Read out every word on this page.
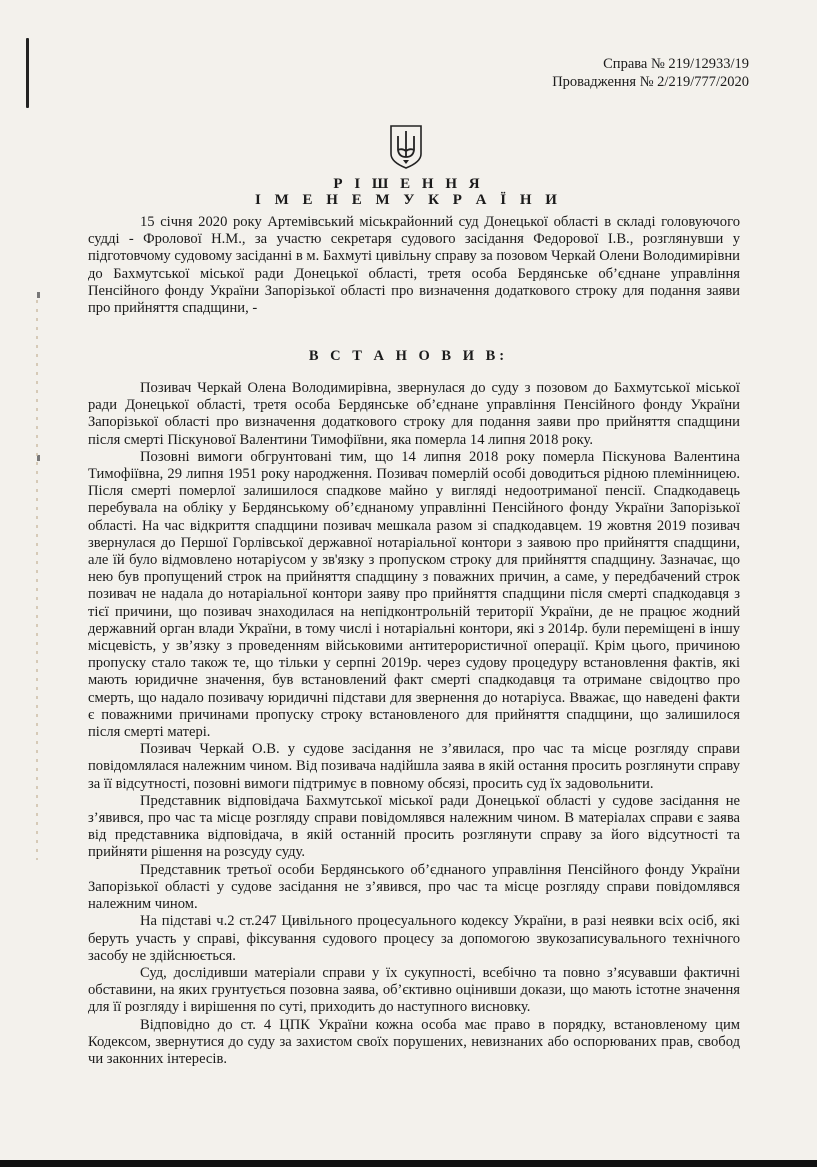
Справа № 219/12933/19
Провадження № 2/219/777/2020
Р І Ш Е Н Н Я
І М Е Н Е М У К Р А Ї Н И

15 січня 2020 року Артемівський міськрайонний суд Донецької області в складі головуючого судді - Фролової Н.М., за участю секретаря судового засідання Федорової І.В., розглянувши у підготовчому судовому засіданні в м. Бахмуті цивільну справу за позовом Черкай Олени Володимирівни до Бахмутської міської ради Донецької області, третя особа Бердянське об’єднане управління Пенсійного фонду України Запорізької області про визначення додаткового строку для подання заяви про прийняття спадщини, -

В С Т А Н О В И В:

Позивач Черкай Олена Володимирівна, звернулася до суду з позовом до Бахмутської міської ради Донецької області, третя особа Бердянське об’єднане управління Пенсійного фонду України Запорізької області про визначення додаткового строку для подання заяви про прийняття спадщини після смерті Піскунової Валентини Тимофіївни, яка померла 14 липня 2018 року.

Позовні вимоги обгрунтовані тим, що 14 липня 2018 року померла Піскунова Валентина Тимофіївна, 29 липня 1951 року народження. Позивач померлій особі доводиться рідною племінницею. Після смерті померлої залишилося спадкове майно у вигляді недоотриманої пенсії. Спадкодавець перебувала на обліку у Бердянському об’єднаному управлінні Пенсійного фонду України Запорізької області. На час відкриття спадщини позивач мешкала разом зі спадкодавцем. 19 жовтня 2019 позивач звернулася до Першої Горлівської державної нотаріальної контори з заявою про прийняття спадщини, але їй було відмовлено нотаріусом у зв'язку з пропуском строку для прийняття спадщину. Зазначає, що нею був пропущений строк на прийняття спадщину з поважних причин, а саме, у передбачений строк позивач не надала до нотаріальної контори заяву про прийняття спадщини після смерті спадкодавця з тієї причини, що позивач знаходилася на непідконтрольній території України, де не працює жодний державний орган влади України, в тому числі і нотаріальні контори, які з 2014р. були переміщені в іншу місцевість, у зв’язку з проведенням військовими антитерористичної операції. Крім цього, причиною пропуску стало також те, що тільки у серпні 2019р. через судову процедуру встановлення фактів, які мають юридичне значення, був встановлений факт смерті спадкодавця та отримане свідоцтво про смерть, що надало позивачу юридичні підстави для звернення до нотаріуса. Вважає, що наведені факти є поважними причинами пропуску строку встановленого для прийняття спадщини, що залишилося після смерті матері.

Позивач Черкай О.В. у судове засідання не з’явилася, про час та місце розгляду справи повідомлялася належним чином. Від позивача надійшла заява в якій остання просить розглянути справу за її відсутності, позовні вимоги підтримує в повному обсязі, просить суд їх задовольнити.

Представник відповідача Бахмутської міської ради Донецької області у судове засідання не з’явився, про час та місце розгляду справи повідомлявся належним чином. В матеріалах справи є заява від представника відповідача, в якій останній просить розглянути справу за його відсутності та прийняти рішення на розсуду суду.

Представник третьої особи Бердянського об’єднаного управління Пенсійного фонду України Запорізької області у судове засідання не з’явився, про час та місце розгляду справи повідомлявся належним чином.

На підставі ч.2 ст.247 Цивільного процесуального кодексу України, в разі неявки всіх осіб, які беруть участь у справі, фіксування судового процесу за допомогою звукозаписувального технічного засобу не здійснюється.

Суд, дослідивши матеріали справи у їх сукупності, всебічно та повно з’ясувавши фактичні обставини, на яких грунтується позовна заява, об’єктивно оцінивши докази, що мають істотне значення для її розгляду і вирішення по суті, приходить до наступного висновку.

Відповідно до ст. 4 ЦПК України кожна особа має право в порядку, встановленому цим Кодексом, звернутися до суду за захистом своїх порушених, невизнаних або оспорюваних прав, свобод чи законних інтересів.
